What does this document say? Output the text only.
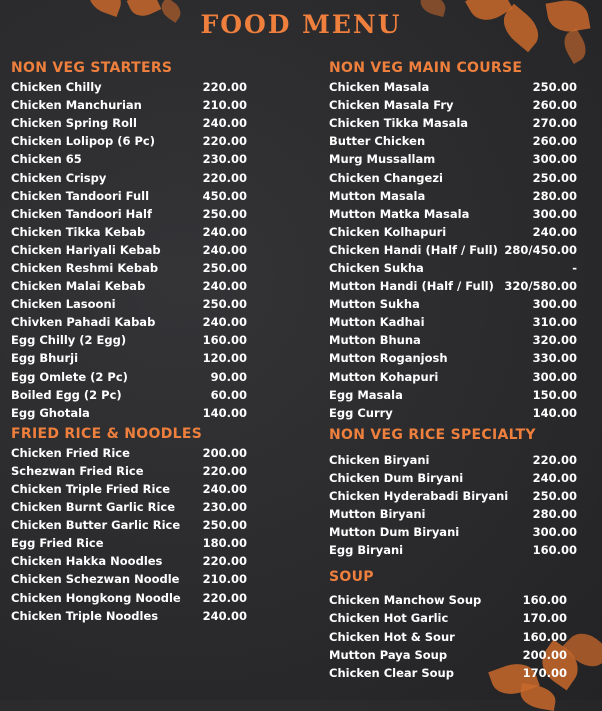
FOOD MENU
NON VEG STARTERS
Chicken Chilly	220.00
Chicken Manchurian	210.00
Chicken Spring Roll	240.00
Chicken Lolipop (6 Pc)	220.00
Chicken 65	230.00
Chicken Crispy	220.00
Chicken Tandoori Full	450.00
Chicken Tandoori Half	250.00
Chicken Tikka Kebab	240.00
Chicken Hariyali Kebab	240.00
Chicken Reshmi Kebab	250.00
Chicken Malai Kebab	240.00
Chicken Lasooni	250.00
Chivken Pahadi Kabab	240.00
Egg Chilly (2 Egg)	160.00
Egg Bhurji	120.00
Egg Omlete (2 Pc)	90.00
Boiled Egg (2 Pc)	60.00
Egg Ghotala	140.00
FRIED RICE & NOODLES
Chicken Fried Rice	200.00
Schezwan Fried Rice	220.00
Chicken Triple Fried Rice	240.00
Chicken Burnt Garlic Rice	230.00
Chicken Butter Garlic Rice	250.00
Egg Fried Rice	180.00
Chicken Hakka Noodles	220.00
Chicken Schezwan Noodle	210.00
Chicken Hongkong Noodle	220.00
Chicken Triple Noodles	240.00
NON VEG MAIN COURSE
Chicken Masala	250.00
Chicken Masala Fry	260.00
Chicken Tikka Masala	270.00
Butter Chicken	260.00
Murg Mussallam	300.00
Chicken Changezi	250.00
Mutton Masala	280.00
Mutton Matka Masala	300.00
Chicken Kolhapuri	240.00
Chicken Handi (Half / Full) 280/450.00
Chicken Sukha	-
Mutton Handi (Half / Full) 320/580.00
Mutton Sukha	300.00
Mutton Kadhai	310.00
Mutton Bhuna	320.00
Mutton Roganjosh	330.00
Mutton Kohapuri	300.00
Egg Masala	150.00
Egg Curry	140.00
NON VEG RICE SPECIALTY
Chicken Biryani	220.00
Chicken Dum Biryani	240.00
Chicken Hyderabadi Biryani	250.00
Mutton Biryani	280.00
Mutton Dum Biryani	300.00
Egg Biryani	160.00
SOUP
Chicken Manchow Soup	160.00
Chicken Hot Garlic	170.00
Chicken Hot & Sour	160.00
Mutton Paya Soup	200.00
Chicken Clear Soup	170.00
